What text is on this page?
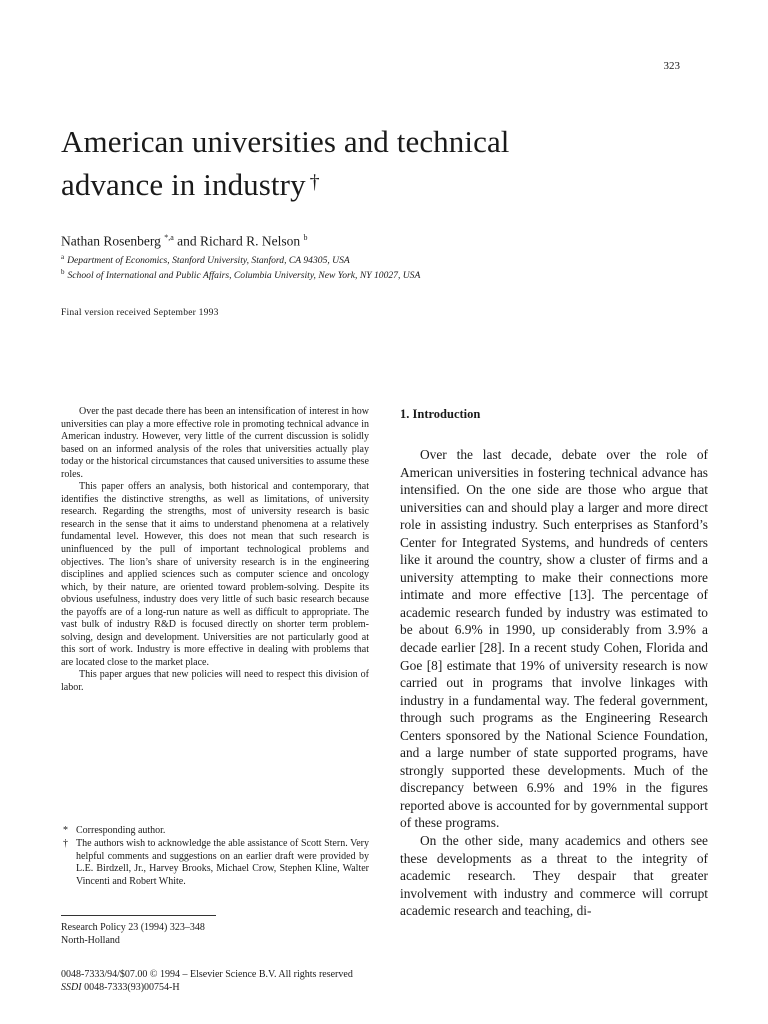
323
American universities and technical
advance in industry †
Nathan Rosenberg $^{*,a}$ and Richard R. Nelson $^b$
$^a$ Department of Economics, Stanford University, Stanford, CA 94305, USA
$^b$ School of International and Public Affairs, Columbia University, New York, NY 10027, USA
Final version received September 1993

Over the past decade there has been an intensification of interest in how universities can play a more effective role in promoting technical advance in American industry. However, very little of the current discussion is solidly based on an informed analysis of the roles that universities actually play today or the historical circumstances that caused universities to assume these roles.

This paper offers an analysis, both historical and contemporary, that identifies the distinctive strengths, as well as limitations, of university research. Regarding the strengths, most of university research is basic research in the sense that it aims to understand phenomena at a relatively fundamental level. However, this does not mean that such research is uninfluenced by the pull of important technological problems and objectives. The lion’s share of university research is in the engineering disciplines and applied sciences such as computer science and oncology which, by their nature, are oriented toward problem-solving. Despite its obvious usefulness, industry does very little of such basic research because the payoffs are of a long-run nature as well as difficult to appropriate. The vast bulk of industry R&D is focused directly on shorter term problem-solving, design and development. Universities are not particularly good at this sort of work. Industry is more effective in dealing with problems that are located close to the market place.

This paper argues that new policies will need to respect this division of labor.

* Corresponding author.
† The authors wish to acknowledge the able assistance of Scott Stern. Very helpful comments and suggestions on an earlier draft were provided by L.E. Birdzell, Jr., Harvey Brooks, Michael Crow, Stephen Kline, Walter Vincenti and Robert White.
Research Policy 23 (1994) 323–348
North-Holland
1. Introduction

Over the last decade, debate over the role of American universities in fostering technical advance has intensified. On the one side are those who argue that universities can and should play a larger and more direct role in assisting industry. Such enterprises as Stanford’s Center for Integrated Systems, and hundreds of centers like it around the country, show a cluster of firms and a university attempting to make their connections more intimate and more effective [13]. The percentage of academic research funded by industry was estimated to be about 6.9% in 1990, up considerably from 3.9% a decade earlier [28]. In a recent study Cohen, Florida and Goe [8] estimate that 19% of university research is now carried out in programs that involve linkages with industry in a fundamental way. The federal government, through such programs as the Engineering Research Centers sponsored by the National Science Foundation, and a large number of state supported programs, have strongly supported these developments. Much of the discrepancy between 6.9% and 19% in the figures reported above is accounted for by governmental support of these programs.

On the other side, many academics and others see these developments as a threat to the integrity of academic research. They despair that greater involvement with industry and commerce will corrupt academic research and teaching, di-

0048-7333/94/$07.00 © 1994 – Elsevier Science B.V. All rights reserved
SSDI 0048-7333(93)00754-H
